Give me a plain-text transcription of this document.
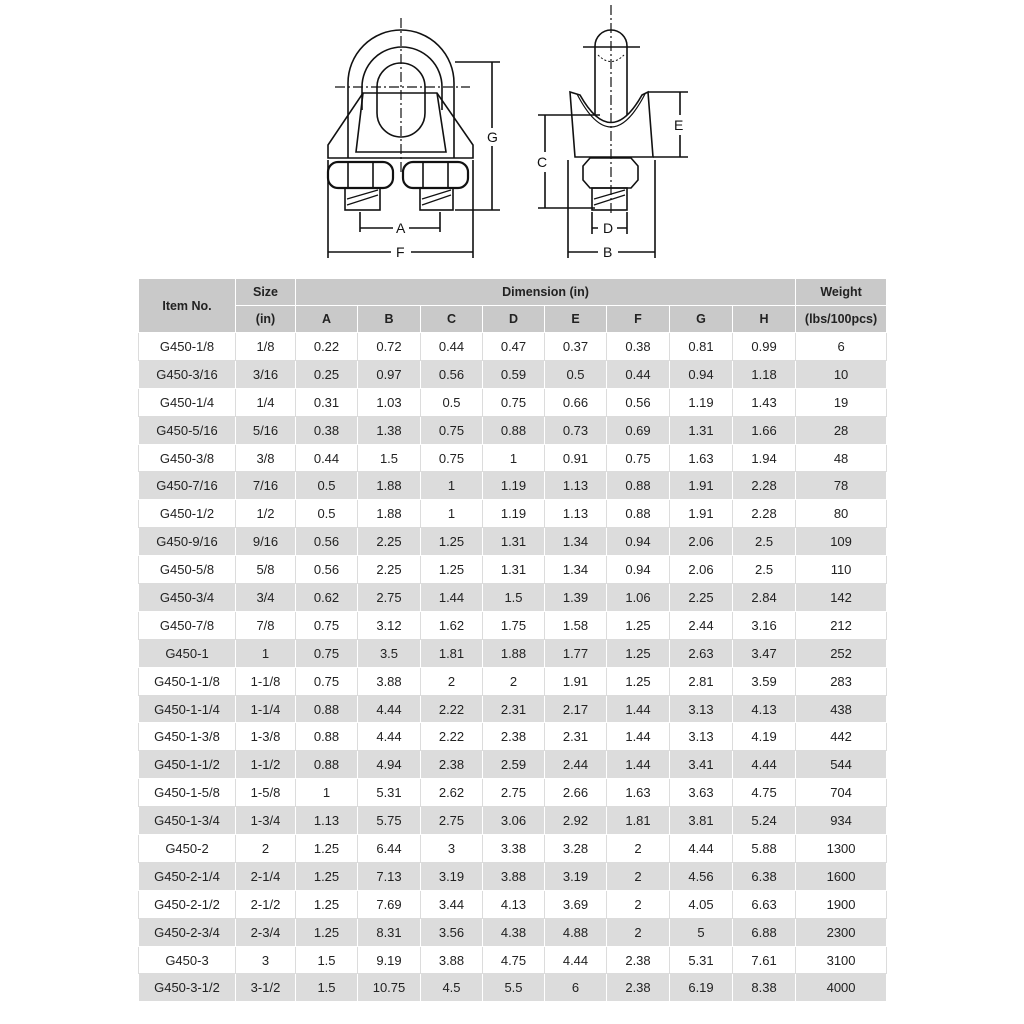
A
F
G
C
D
B
E
Item No.	Size	Dimension (in)								Weight
	(in)	A	B	C	D	E	F	G	H	(lbs/100pcs)
G450-1/8	1/8	0.22	0.72	0.44	0.47	0.37	0.38	0.81	0.99	6
G450-3/16	3/16	0.25	0.97	0.56	0.59	0.5	0.44	0.94	1.18	10
G450-1/4	1/4	0.31	1.03	0.5	0.75	0.66	0.56	1.19	1.43	19
G450-5/16	5/16	0.38	1.38	0.75	0.88	0.73	0.69	1.31	1.66	28
G450-3/8	3/8	0.44	1.5	0.75	1	0.91	0.75	1.63	1.94	48
G450-7/16	7/16	0.5	1.88	1	1.19	1.13	0.88	1.91	2.28	78
G450-1/2	1/2	0.5	1.88	1	1.19	1.13	0.88	1.91	2.28	80
G450-9/16	9/16	0.56	2.25	1.25	1.31	1.34	0.94	2.06	2.5	109
G450-5/8	5/8	0.56	2.25	1.25	1.31	1.34	0.94	2.06	2.5	110
G450-3/4	3/4	0.62	2.75	1.44	1.5	1.39	1.06	2.25	2.84	142
G450-7/8	7/8	0.75	3.12	1.62	1.75	1.58	1.25	2.44	3.16	212
G450-1	1	0.75	3.5	1.81	1.88	1.77	1.25	2.63	3.47	252
G450-1-1/8	1-1/8	0.75	3.88	2	2	1.91	1.25	2.81	3.59	283
G450-1-1/4	1-1/4	0.88	4.44	2.22	2.31	2.17	1.44	3.13	4.13	438
G450-1-3/8	1-3/8	0.88	4.44	2.22	2.38	2.31	1.44	3.13	4.19	442
G450-1-1/2	1-1/2	0.88	4.94	2.38	2.59	2.44	1.44	3.41	4.44	544
G450-1-5/8	1-5/8	1	5.31	2.62	2.75	2.66	1.63	3.63	4.75	704
G450-1-3/4	1-3/4	1.13	5.75	2.75	3.06	2.92	1.81	3.81	5.24	934
G450-2	2	1.25	6.44	3	3.38	3.28	2	4.44	5.88	1300
G450-2-1/4	2-1/4	1.25	7.13	3.19	3.88	3.19	2	4.56	6.38	1600
G450-2-1/2	2-1/2	1.25	7.69	3.44	4.13	3.69	2	4.05	6.63	1900
G450-2-3/4	2-3/4	1.25	8.31	3.56	4.38	4.88	2	5	6.88	2300
G450-3	3	1.5	9.19	3.88	4.75	4.44	2.38	5.31	7.61	3100
G450-3-1/2	3-1/2	1.5	10.75	4.5	5.5	6	2.38	6.19	8.38	4000
